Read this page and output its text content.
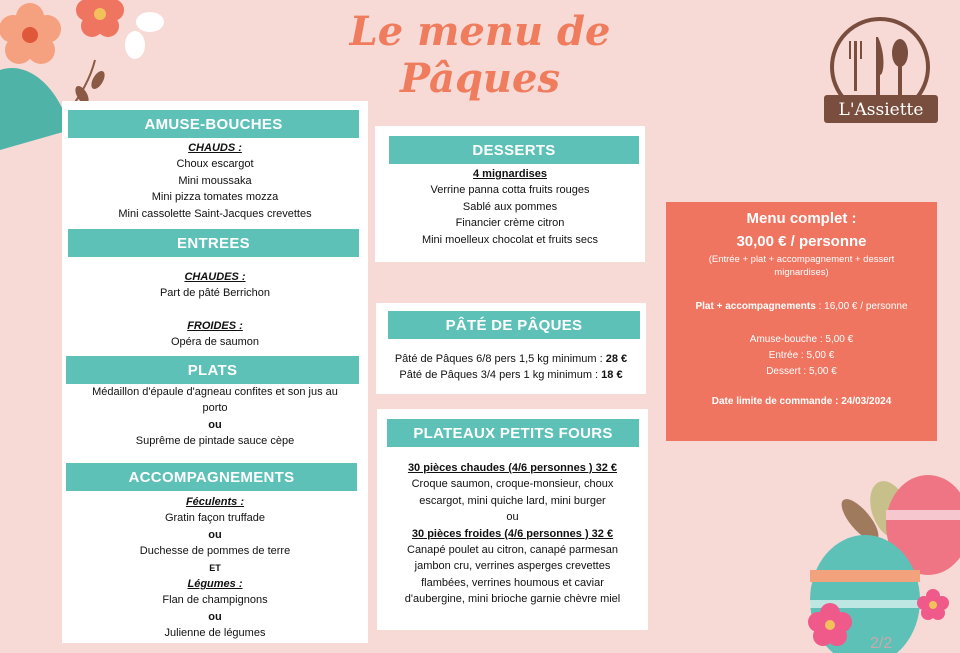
Le menu de Pâques
L'Assiette
AMUSE-BOUCHES
CHAUDS :
Choux escargot
Mini moussaka
Mini pizza tomates mozza
Mini cassolette Saint-Jacques crevettes
ENTREES
CHAUDES :
Part de pâté Berrichon
FROIDES :
Opéra de saumon
PLATS
Médaillon d'épaule d'agneau confites et son jus au porto
ou
Suprême de pintade sauce cèpe
ACCOMPAGNEMENTS
Féculents :
Gratin façon truffade
ou
Duchesse de pommes de terre
ET
Légumes :
Flan de champignons
ou
Julienne de légumes
DESSERTS
4 mignardises
Verrine panna cotta fruits rouges
Sablé aux pommes
Financier crème citron
Mini moelleux chocolat et fruits secs
PÂTÉ DE PÂQUES
Pâté de Pâques 6/8 pers 1,5 kg minimum : 28 €
Pâté de Pâques 3/4 pers 1 kg minimum : 18 €
PLATEAUX PETITS FOURS
30 pièces chaudes (4/6 personnes ) 32 €
Croque saumon, croque-monsieur, choux escargot, mini quiche lard, mini burger
ou
30 pièces froides (4/6 personnes ) 32 €
Canapé poulet au citron, canapé parmesan jambon cru, verrines asperges crevettes flambées, verrines houmous et caviar d'aubergine, mini brioche garnie chèvre miel
Menu complet :
30,00 € / personne
(Entrée + plat + accompagnement + dessert mignardises)
Plat + accompagnements : 16,00 € / personne
Amuse-bouche : 5,00 €
Entrée : 5,00 €
Dessert : 5,00 €
Date limite de commande : 24/03/2024
2/2
